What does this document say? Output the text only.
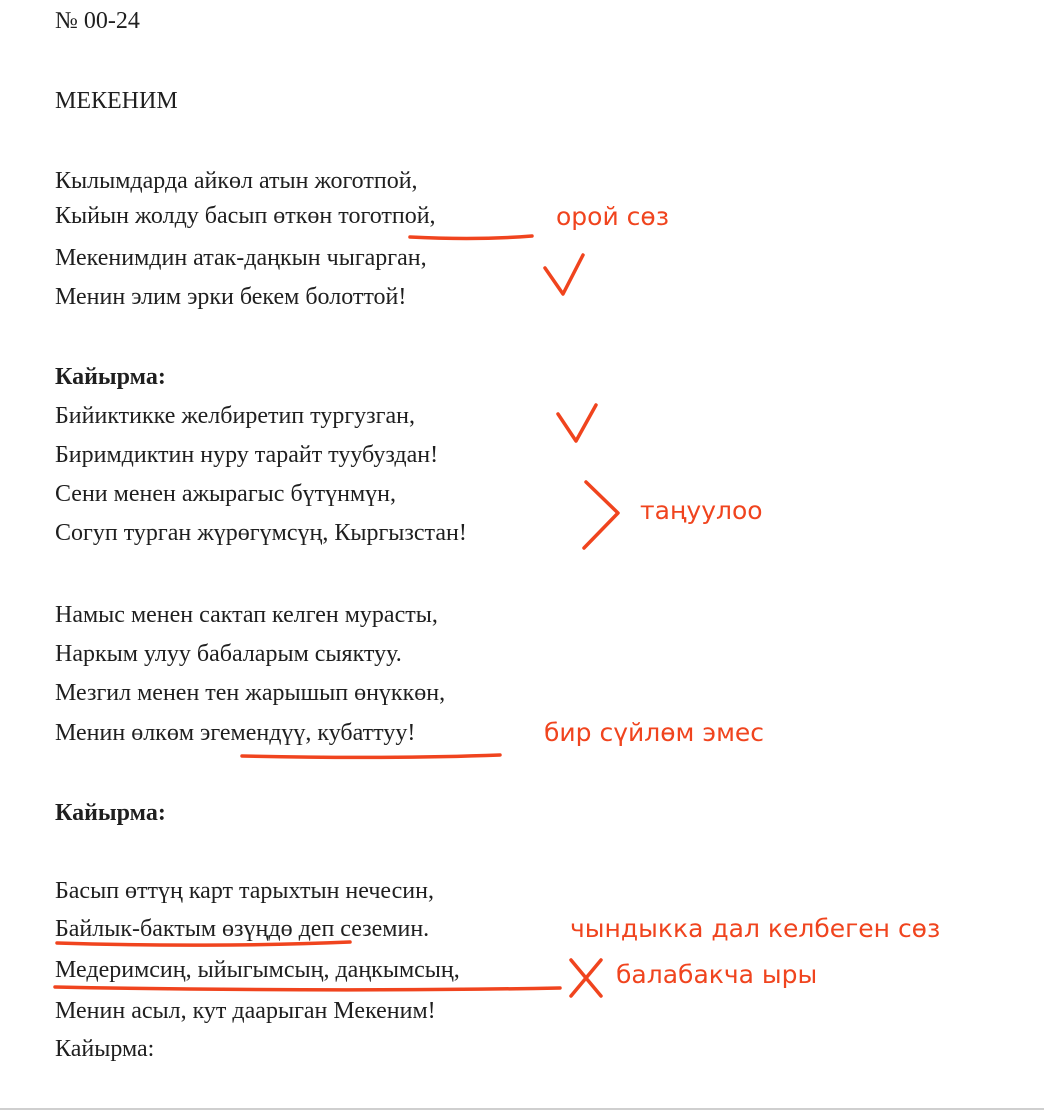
№ 00-24

МЕКЕНИМ

Кылымдарда айкөл атын жоготпой,

Кыйын жолду басып өткөн тоготпой,

Мекенимдин атак-даңкын чыгарган,

Менин элим эрки бекем болоттой!

Кайырма:

Бийиктикке желбиретип тургузган,

Биримдиктин нуру тарайт туубуздан!

Сени менен ажырагыс бүтүнмүн,

Согуп турган жүрөгүмсүң, Кыргызстан!

Намыс менен сактап келген мурасты,

Наркым улуу бабаларым сыяктуу.

Мезгил менен тен жарышып өнүккөн,

Менин өлкөм эгемендүү, кубаттуу!

Кайырма:

Басып өттүң карт тарыхтын нечесин,

Байлык-бактым өзүңдө деп сеземин.

Медеримсиң, ыйыгымсың, даңкымсың,

Менин асыл, кут даарыган Мекеним!

Кайырма:

орой сөз

таңуулоо

бир сүйлөм эмес

чындыкка дал келбеген сөз

балабакча ыры
